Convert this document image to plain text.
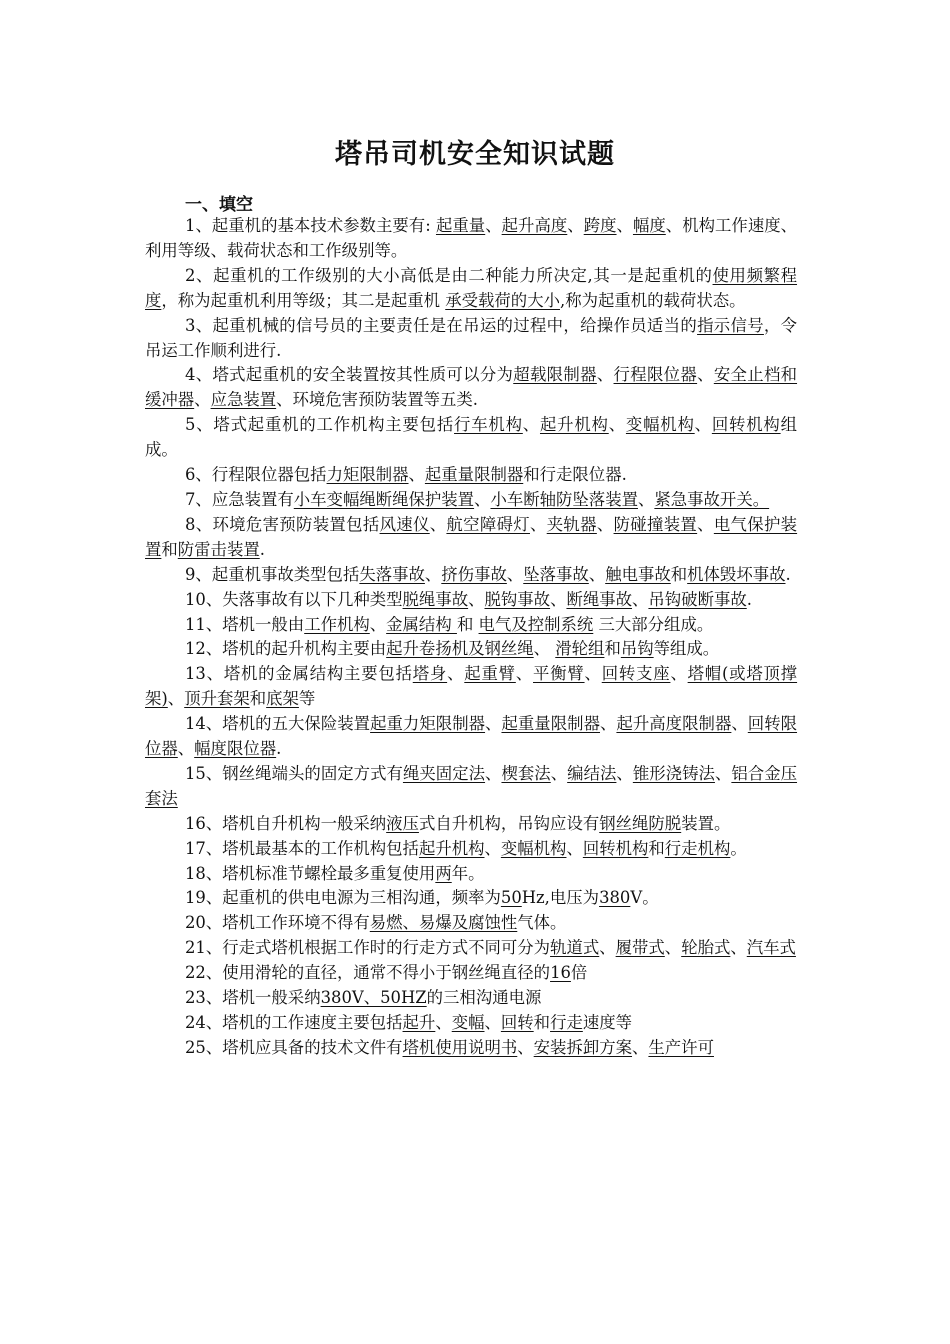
塔吊司机安全知识试题
一、填空

1、起重机的基本技术参数主要有: 起重量、起升高度、跨度、幅度、机构工作速度、利用等级、载荷状态和工作级别等。

2、起重机的工作级别的大小高低是由二种能力所决定,其一是起重机的使用频繁程度，称为起重机利用等级；其二是起重机 承受载荷的大小,称为起重机的载荷状态。

3、起重机械的信号员的主要责任是在吊运的过程中，给操作员适当的指示信号，令吊运工作顺利进行.

4、塔式起重机的安全装置按其性质可以分为超载限制器、行程限位器、安全止档和缓冲器、应急装置、环境危害预防装置等五类.

5、塔式起重机的工作机构主要包括行车机构、起升机构、变幅机构、回转机构组成。

6、行程限位器包括力矩限制器、起重量限制器和行走限位器.

7、应急装置有小车变幅绳断绳保护装置、小车断轴防坠落装置、紧急事故开关。

8、环境危害预防装置包括风速仪、航空障碍灯、夹轨器、防碰撞装置、电气保护装置和防雷击装置.

9、起重机事故类型包括失落事故、挤伤事故、坠落事故、触电事故和机体毁坏事故.

10、失落事故有以下几种类型脱绳事故、脱钩事故、断绳事故、吊钩破断事故.

11、塔机一般由工作机构、金属结构 和 电气及控制系统 三大部分组成。

12、塔机的起升机构主要由起升卷扬机及钢丝绳、 滑轮组和吊钩等组成。

13、塔机的金属结构主要包括塔身、起重臂、平衡臂、回转支座、塔帽(或塔顶撑架)、顶升套架和底架等

14、塔机的五大保险装置起重力矩限制器、起重量限制器、起升高度限制器、回转限位器、幅度限位器.

15、钢丝绳端头的固定方式有绳夹固定法、楔套法、编结法、锥形浇铸法、铝合金压套法

16、塔机自升机构一般采纳液压式自升机构，吊钩应设有钢丝绳防脱装置。

17、塔机最基本的工作机构包括起升机构、变幅机构、回转机构和行走机构。

18、塔机标准节螺栓最多重复使用两年。

19、起重机的供电电源为三相沟通，频率为50Hz,电压为380V。

20、塔机工作环境不得有易燃、易爆及腐蚀性气体。

21、行走式塔机根据工作时的行走方式不同可分为轨道式、履带式、轮胎式、汽车式

22、使用滑轮的直径，通常不得小于钢丝绳直径的16倍

23、塔机一般采纳380V、50HZ的三相沟通电源

24、塔机的工作速度主要包括起升、变幅、回转和行走速度等

25、塔机应具备的技术文件有塔机使用说明书、安装拆卸方案、生产许可
